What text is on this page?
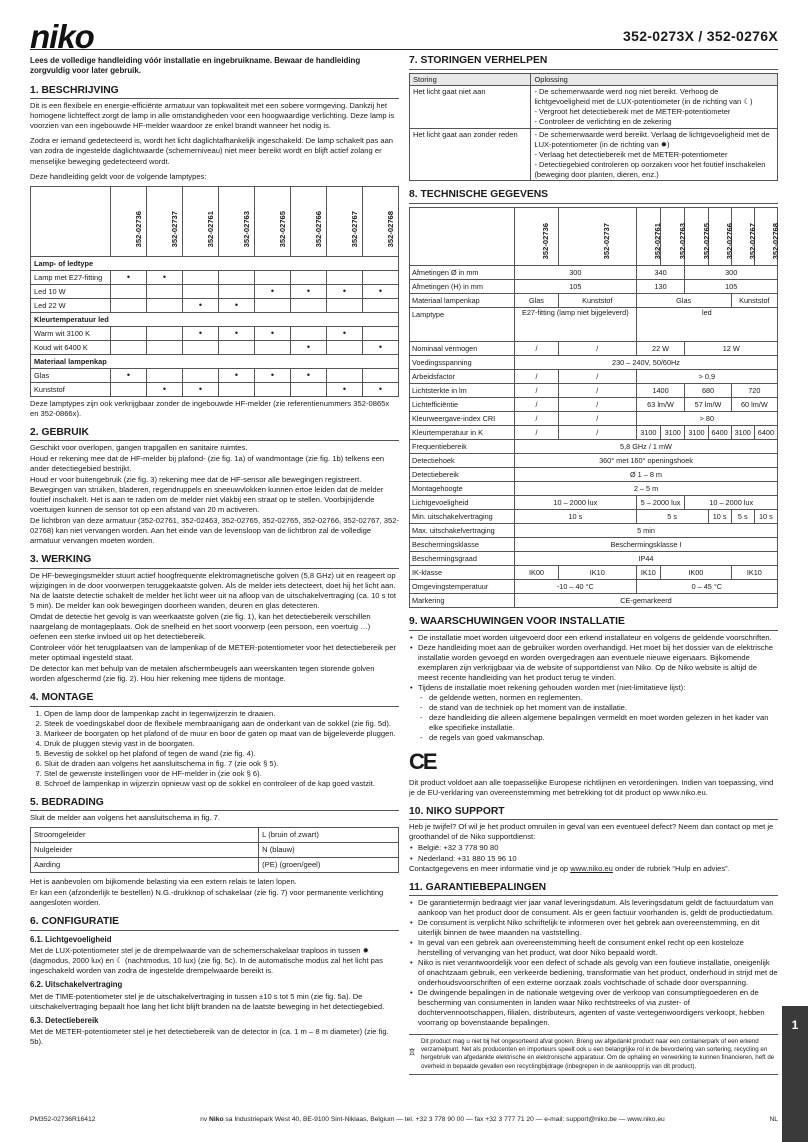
niko	352-0273X / 352-0276X

Lees de volledige handleiding vóór installatie en ingebruikname. Bewaar de handleiding zorgvuldig voor later gebruik.

1. BESCHRIJVING

Dit is een flexibele en energie-efficiënte armatuur van topkwaliteit met een sobere vormgeving. Dankzij het homogene lichteffect zorgt de lamp in alle omstandigheden voor een hoogwaardige verlichting. Deze lamp is voorzien van een ingebouwde HF-melder waardoor ze enkel brandt wanneer het nodig is.

Zodra er iemand gedetecteerd is, wordt het licht daglichtafhankelijk ingeschakeld. De lamp schakelt pas aan van zodra de ingestelde daglichtwaarde (schemerniveau) niet meer bereikt wordt en blijft actief zolang er menselijke beweging gedetecteerd wordt.

Deze handleiding geldt voor de volgende lamptypes:

	352-02736	352-02737	352-02761	352-02763	352-02765	352-02766	352-02767	352-02768

Lamp- of ledtype								
Lamp met E27-fitting	•	•						
Led 10 W					•	•	•	•
Led 22 W			•	•				
Kleurtemperatuur led								
Warm wit 3100 K			•	•	•		•	
Koud wit 6400 K						•		•
Materiaal lampenkap								
Glas	•			•	•	•		
Kunststof		•	•				•	•

Deze lamptypes zijn ook verkrijgbaar zonder de ingebouwde HF-melder (zie referentienummers 352-0865x en 352-0866x).

2. GEBRUIK

Geschikt voor overlopen, gangen trapgallen en sanitaire ruimtes.

Houd er rekening mee dat de HF-melder bij plafond- (zie fig. 1a) of wandmontage (zie fig. 1b) telkens een ander detectiegebied bestrijkt.

Houd er voor buitengebruik (zie fig. 3) rekening mee dat de HF-sensor alle bewegingen registreert. Bewegingen van struiken, bladeren, regendruppels en sneeuwvlokken kunnen ertoe leiden dat de melder foutief inschakelt. Het is aan te raden om de melder niet vlakbij een straat op te stellen. Voorbijrijdende voertuigen kunnen de sensor tot op een afstand van 20 m activeren.

De lichtbron van deze armatuur (352-02761, 352-02463, 352-02765, 352-02765, 352-02766, 352-02767, 352-02768) kan niet vervangen worden. Aan het einde van de levensloop van de lichtbron zal de volledige armatuur vervangen moeten worden.

3. WERKING

De HF-bewegingsmelder stuurt actief hoogfrequente elektromagnetische golven (5,8 GHz) uit en reageert op wijzigingen in de door voorwerpen teruggekaatste golven. Als de melder iets detecteert, doet hij het licht aan. Na de laatste detectie schakelt de melder het licht weer uit na afloop van de uitschakelvertraging (ca. 10 s tot 5 min). De melder kan ook bewegingen doorheen wanden, deuren en glas detecteren.

Omdat de detectie het gevolg is van weerkaatste golven (zie fig. 1), kan het detectiebereik verschillen naargelang de montageplaats. Ook de snelheid en het soort voorwerp (een persoon, een voertuig …) oefenen een sterke invloed uit op het detectiebereik.

Controleer vóór het terugplaatsen van de lampenkap of de METER-potentiometer voor het detectiebereik per meter optimaal ingesteld staat.

De detector kan met behulp van de metalen afschermbeugels aan weerskanten tegen storende golven worden afgeschermd (zie fig. 2). Hou hier rekening mee tijdens de montage.

4. MONTAGE
1. Open de lamp door de lampenkap zacht in tegenwijzerzin te draaien.
2. Steek de voedingskabel door de flexibele membraanigang aan de onderkant van de sokkel (zie fig. 5d).
3. Markeer de boorgaten op het plafond of de muur en boor de gaten op maat van de bijgeleverde pluggen.
4. Druk de pluggen stevig vast in de boorgaten.
5. Bevestig de sokkel op het plafond of tegen de wand (zie fig. 4).
6. Sluit de draden aan volgens het aansluitschema in fig. 7 (zie ook § 5).
7. Stel de gewenste instellingen voor de HF-melder in (zie ook § 6).
8. Schroef de lampenkap in wijzerzin opnieuw vast op de sokkel en controleer of de kap goed vastzit.
5. BEDRADING

Sluit de melder aan volgens het aansluitschema in fig. 7.

Stroomgeleider	L (bruin of zwart)
Nulgeleider	N (blauw)
Aarding	(PE) (groen/geel)

Het is aanbevolen om bijkomende belasting via een extern relais te laten lopen.

Er kan een (afzonderlijk te bestellen) N.G.-drukknop of schakelaar (zie fig. 7) voor permanente verlichting aangesloten worden.

6. CONFIGURATIE
6.1. Lichtgevoeligheid

Met de LUX-potentiometer stel je de drempelwaarde van de schemerschakelaar traploos in tussen ✹ (dagmodus, 2000 lux) en ☾ (nachtmodus, 10 lux) (zie fig. 5c). In de automatische modus zal het licht pas ingeschakeld worden van zodra de ingestelde drempelwaarde bereikt is.

6.2. Uitschakelvertraging

Met de TIME-potentiometer stel je de uitschakelvertraging in tussen ±10 s tot 5 min (zie fig. 5a). De uitschakelvertraging bepaalt hoe lang het licht blijft branden na de laatste beweging in het detectiegebied.

6.3. Detectiebereik

Met de METER-potentiometer stel je het detectiebereik van de detector in (ca. 1 m – 8 m diameter) (zie fig. 5b).

7. STORINGEN VERHELPEN
Storing	Oplossing
Het licht gaat niet aan	- De schemerwaarde werd nog niet bereikt. Verhoog de lichtgevoeligheid met de LUX-potentiometer (in de richting van ☾)
- Vergroot het detectiebereik met de METER-potentiometer
- Controleer de verlichting en de zekering

Het licht gaat aan zonder reden	- De schemerwaarde werd bereikt. Verlaag de lichtgevoeligheid met de LUX-potentiometer (in de richting van ✹)
- Verlaag het detectiebereik met de METER-potentiometer
- Detectiegebied controleren op oorzaken voor het foutief inschakelen (beweging door planten, dieren, enz.)
8. TECHNISCHE GEGEVENS

	352-02736	352-02737	352-02761	352-02763	352-02765	352-02766	352-02767	352-02768

Afmetingen Ø in mm	300		340		300			
Afmetingen (H) in mm	105		130		105			
Materiaal lampenkap	Glas	Kunststof	Glas				Kunststof	
Lamptype	E27-fitting (lamp niet bijgeleverd)		led					
Nominaal vermogen	/	/	22 W		12 W			
Voedingsspanning	230 – 240V, 50/60Hz							
Arbeidsfactor	/	/	> 0,9					
Lichtsterkte in lm	/	/	1400		680		720	
Lichtefficiëntie	/	/	63 lm/W		57 lm/W		60 lm/W	
Kleurweergave-index CRI	/	/	> 80					
Kleurtemperatuur in K	/	/	3100	3100	3100	6400	3100	6400
Frequentiebereik	5,8 GHz / 1 mW							
Detectiehoek	360° met 160° openingshoek							
Detectiebereik	Ø 1 – 8 m							
Montagehoogte	2 – 5 m							
Lichtgevoeligheid	10 – 2000 lux		5 – 2000 lux		10 – 2000 lux			
Min. uitschakelvertraging	10 s		5 s			10 s	5 s	10 s
Max. uitschakelvertraging	5 min							
Beschermingsklasse	Beschermingsklasse I							
Beschermingsgraad	IP44							
IK-klasse	IK00	IK10	IK10	IK00			IK10	
Omgevingstemperatuur	-10 – 40 °C		0 – 45 °C					
Markering	CE-gemarkeerd							
9. WAARSCHUWINGEN VOOR INSTALLATIE
• De installatie moet worden uitgevoerd door een erkend installateur en volgens de geldende voorschriften.
• Deze handleiding moet aan de gebruiker worden overhandigd. Het moet bij het dossier van de elektrische installatie worden gevoegd en worden overgedragen aan eventuele nieuwe eigenaars. Bijkomende exemplaren zijn verkrijgbaar via de website of supportdienst van Niko. Op de Niko website is altijd de meest recente handleiding van het product terug te vinden.
• Tijdens de installatie moet rekening gehouden worden met (niet-limitatieve lijst):
- de geldende wetten, normen en reglementen.
- de stand van de techniek op het moment van de installatie.
- deze handleiding die alleen algemene bepalingen vermeldt en moet worden gelezen in het kader van elke specifieke installatie.
- de regels van goed vakmanschap.
CE

Dit product voldoet aan alle toepasselijke Europese richtlijnen en verordeningen. Indien van toepassing, vind je de EU-verklaring van overeenstemming met betrekking tot dit product op www.niko.eu.

10. NIKO SUPPORT

Heb je twijfel? Of wil je het product omruilen in geval van een eventueel defect? Neem dan contact op met je groothandel of de Niko supportdienst:

• België: +32 3 778 90 80
• Nederland: +31 880 15 96 10

Contactgegevens en meer informatie vind je op www.niko.eu onder de rubriek “Hulp en advies”.

11. GARANTIEBEPALINGEN
• De garantietermijn bedraagt vier jaar vanaf leveringsdatum. Als leveringsdatum geldt de factuurdatum van aankoop van het product door de consument. Als er geen factuur voorhanden is, geldt de productiedatum.
• De consument is verplicht Niko schriftelijk te informeren over het gebrek aan overeenstemming, en dit uiterlijk binnen de twee maanden na vaststelling.
• In geval van een gebrek aan overeenstemming heeft de consument enkel recht op een kosteloze herstelling of vervanging van het product, wat door Niko bepaald wordt.
• Niko is niet verantwoordelijk voor een defect of schade als gevolg van een foutieve installatie, oneigenlijk of onachtzaam gebruik, een verkeerde bediening, transformatie van het product, onderhoud in strijd met de onderhoudsvoorschriften of een externe oorzaak zoals vochtschade of schade door overspanning.
• De dwingende bepalingen in de nationale wetgeving over de verkoop van consumptiegoederen en de bescherming van consumenten in landen waar Niko rechtstreeks of via zuster- of dochtervennootschappen, filialen, distributeurs, agenten of vaste vertegenwoordigers verkoopt, hebben voorrang op bovenstaande bepalingen.
Dit product mag u niet bij het ongesorteerd afval gooien. Breng uw afgedankt product naar een containerpark of een erkend verzamelpunt. Net als producenten en importeurs speelt ook u een belangrijke rol in de bevordering van sortering, recycling en hergebruik van afgedankte elektrische en elektronische apparatuur. Om de ophaling en verwerking te kunnen financieren, heft de overheid in bepaalde gevallen een recyclingbijdrage (inbegrepen in de aankoopprijs van dit product).
1
PM352-02736R16412	nv Niko sa Industriepark West 40, BE-9100 Sint-Niklaas, Belgium — tel. +32 3 778 90 00 — fax +32 3 777 71 20 — e-mail: support@niko.be — www.niko.eu	NL
